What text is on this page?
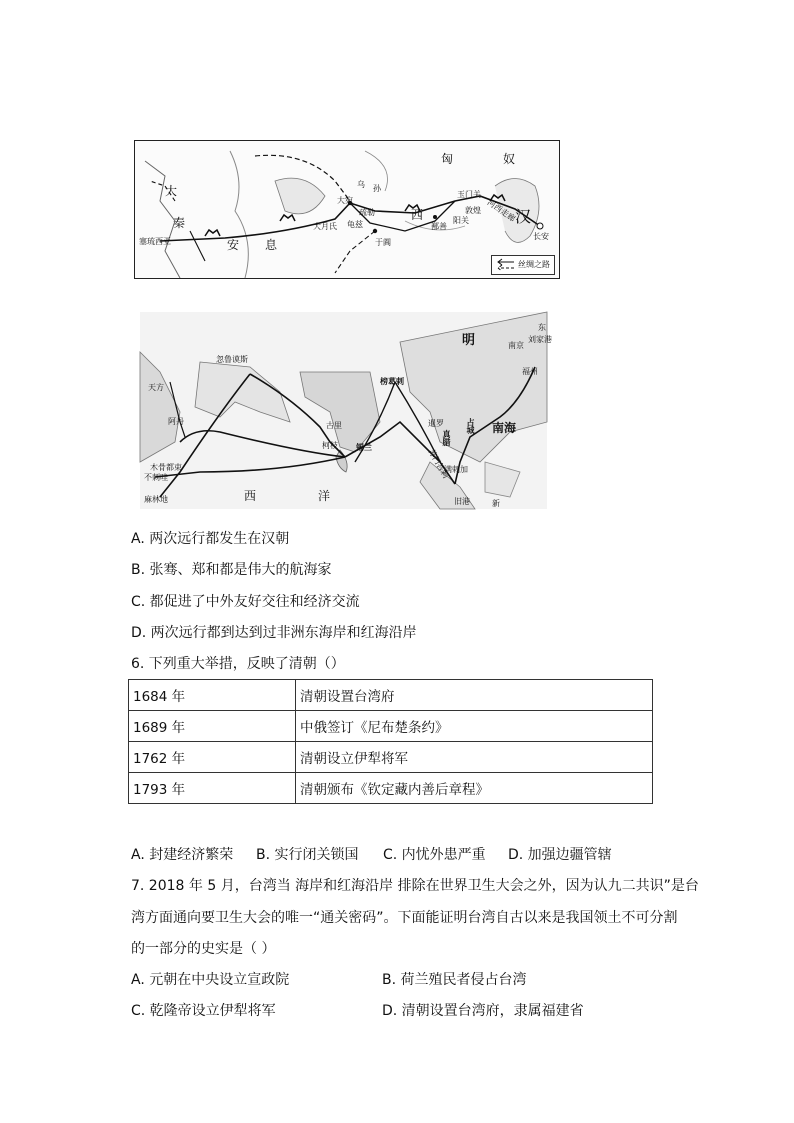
匈	奴
大
秦
塞琉西亚	安 息
乌 孙
大宛
疏勒
龟兹
大月氏
于阗
西
玉门关
敦煌
阳关
鄯善
河西走廊
汉
长安
丝绸之路
明	南京
刘家港
东
福州
忽鲁谟斯
天方
阿丹
木骨都束
不刺哇
麻林地
古里
柯枝
榜葛剌
锡兰
暹罗
真腊
占城 南海
苏门答剌
满剌加
旧港
西	洋
新
A. 两次远行都发生在汉朝
B. 张骞、郑和都是伟大的航海家
C. 都促进了中外友好交往和经济交流
D. 两次远行都到达到过非洲东海岸和红海沿岸
6. 下列重大举措，反映了清朝（）
1684 年	清朝设置台湾府
1689 年	中俄签订《尼布楚条约》
1762 年	清朝设立伊犁将军
1793 年	清朝颁布《钦定藏内善后章程》
A. 封建经济繁荣 B. 实行闭关锁国 C. 内忧外患严重 D. 加强边疆管辖
7. 2018 年 5 月，台湾当 海岸和红海沿岸 排除在世界卫生大会之外，因为认九二共识”是台
湾方面通向要卫生大会的唯一“通关密码”。下面能证明台湾自古以来是我国领土不可分割
的一部分的史实是（ ）
A. 元朝在中央设立宣政院	B. 荷兰殖民者侵占台湾
C. 乾隆帝设立伊犁将军	D. 清朝设置台湾府，隶属福建省
